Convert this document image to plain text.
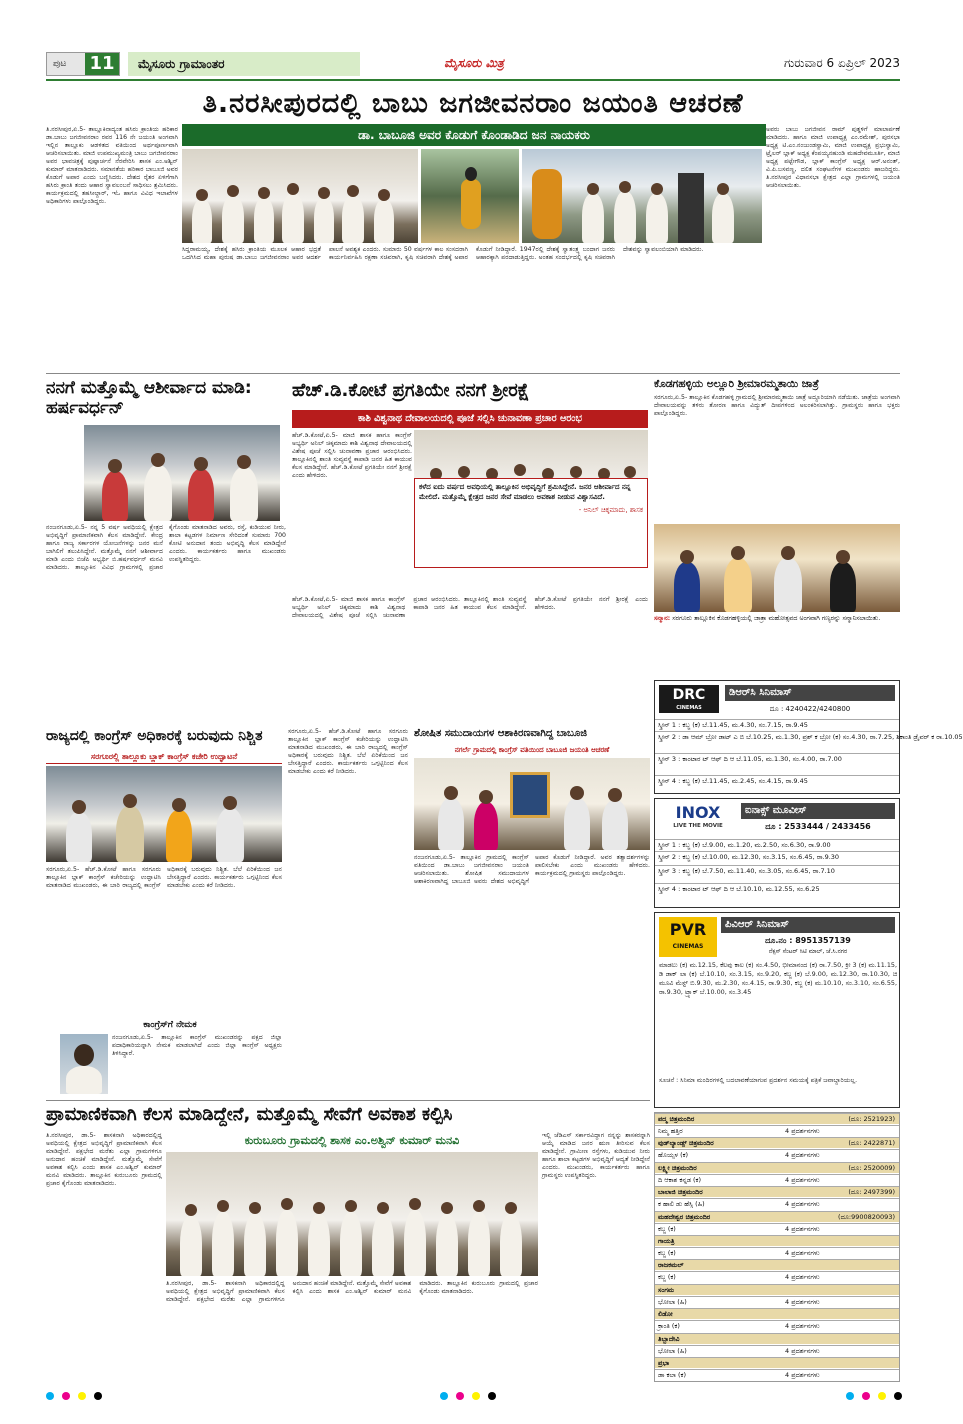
ಪುಟ 11	ಮೈಸೂರು ಗ್ರಾಮಾಂತರ	ಮೈಸೂರು ಮಿತ್ರ	ಗುರುವಾರ 6 ಏಪ್ರಿಲ್ 2023
ತಿ.ನರಸೀಪುರದಲ್ಲಿ ಬಾಬು ಜಗಜೀವನರಾಂ ಜಯಂತಿ ಆಚರಣೆ
ಡಾ. ಬಾಬೂಜಿ ಅವರ ಕೊಡುಗೆ ಕೊಂಡಾಡಿದ ಜನ ನಾಯಕರು
ತಿ.ನರಸೀಪುರ,ಏ.5- ತಾಲ್ಲೂಕಿನಾದ್ಯಂತ ಹಸಿರು ಕ್ರಾಂತಿಯ ಹರಿಕಾರ ಡಾ.ಬಾಬು ಜಗಜೀವನರಾಂ ರವರ 116 ನೇ ಜಯಂತಿ ಅಂಗವಾಗಿ ಇಲ್ಲಿನ ತಾಲ್ಲೂಕು ಆಡಳಿತದ ವತಿಯಿಂದ ಅರ್ಥಪೂರ್ಣವಾಗಿ ಆಚರಿಸಲಾಯಿತು. ಮಾಜಿ ಉಪಮುಖ್ಯಮಂತ್ರಿ ಬಾಬು ಜಗಜೀವನರಾಂ ಅವರ ಭಾವಚಿತ್ರಕ್ಕೆ ಪುಷ್ಪಾರ್ಚನೆ ನೆರವೇರಿಸಿ ಶಾಸಕ ಎಂ.ಅಶ್ವಿನ್ ಕುಮಾರ್ ಮಾತನಾಡಿದರು. ಸಮಾನತೆಯ ಹರಿಕಾರ ಬಾಬೂಜಿ ಅವರ ಕೊಡುಗೆ ಅಪಾರ ಎಂದು ಬಣ್ಣಿಸಿದರು. ದೇಶದ ರೈತರ ಏಳಿಗೆಗಾಗಿ ಹಸಿರು ಕ್ರಾಂತಿ ತಂದು ಆಹಾರ ಸ್ವಾವಲಂಬನೆ ಸಾಧಿಸಲು ಶ್ರಮಿಸಿದರು. ಕಾರ್ಯಕ್ರಮದಲ್ಲಿ ತಹಸೀಲ್ದಾರ್, ಇಓ ಹಾಗೂ ವಿವಿಧ ಇಲಾಖೆಗಳ ಅಧಿಕಾರಿಗಳು ಪಾಲ್ಗೊಂಡಿದ್ದರು.
ಸಿದ್ದರಾಮಯ್ಯ, ದೇಶಕ್ಕೆ ಹಸಿರು ಕ್ರಾಂತಿಯ ಮೂಲಕ ಆಹಾರ ಭದ್ರತೆ ಒದಗಿಸಿದ ಮಹಾ ಪುರುಷ ಡಾ.ಬಾಬು ಜಗಜೀವನರಾಂ ಅವರ ಆದರ್ಶ ಪಾಲನೆ ಅವಶ್ಯಕ ಎಂದರು. ಸುಮಾರು 50 ವರ್ಷಗಳ ಕಾಲ ಸಂಸದರಾಗಿ ಕಾರ್ಯನಿರ್ವಹಿಸಿ ರಕ್ಷಣಾ ಸಚಿವರಾಗಿ, ಕೃಷಿ ಸಚಿವರಾಗಿ ದೇಶಕ್ಕೆ ಅಪಾರ ಕೊಡುಗೆ ನೀಡಿದ್ದಾರೆ. 1947ರಲ್ಲಿ ದೇಶಕ್ಕೆ ಸ್ವಾತಂತ್ರ್ಯ ಬಂದಾಗ ಜನರು ಆಹಾರಕ್ಕಾಗಿ ಪರದಾಡುತ್ತಿದ್ದರು. ಅಂತಹ ಸಂದರ್ಭದಲ್ಲಿ ಕೃಷಿ ಸಚಿವರಾಗಿ ದೇಶವನ್ನು ಸ್ವಾವಲಂಬಿಯಾಗಿ ಮಾಡಿದರು.
ಅವರು ಬಾಬು ಜಗಜೀವನ ರಾಮ್ ಪುತ್ಥಳಿಗೆ ಮಾಲಾರ್ಪಣೆ ಮಾಡಿದರು. ಹಾಗೂ ಮಾಜಿ ಉಪಾಧ್ಯಕ್ಷ ಎಂ.ರಮೇಶ್, ಪುರಸಭಾ ಅಧ್ಯಕ್ಷ ಟಿ.ಎಂ.ನಂಜುಂಡಸ್ವಾಮಿ, ಮಾಜಿ ಉಪಾಧ್ಯಕ್ಷ ಪ್ರಭುಸ್ವಾಮಿ, ಟ್ರೈಲರ್ ಬ್ಲಾಕ್ ಅಧ್ಯಕ್ಷ ಕೆಂಪಯ್ಯನಹುಂಡಿ ಮಹದೇವಮೂರ್ತಿ, ಮಾಜಿ ಅಧ್ಯಕ್ಷ ಪಟ್ಟೇಗೌಡ, ಬ್ಲಾಕ್ ಕಾಂಗ್ರೆಸ್ ಅಧ್ಯಕ್ಷ ಆರ್.ಅನಂತ್, ವಿ.ಪಿ.ಬಸವಣ್ಣ, ದಲಿತ ಸಂಘಟನೆಗಳ ಮುಖಂಡರು ಹಾಜರಿದ್ದರು. ತಿ.ನರಸೀಪುರ ವಿಧಾನಸಭಾ ಕ್ಷೇತ್ರದ ಎಲ್ಲಾ ಗ್ರಾಮಗಳಲ್ಲಿ ಜಯಂತಿ ಆಚರಿಸಲಾಯಿತು.
ನನಗೆ ಮತ್ತೊಮ್ಮೆ ಆಶೀರ್ವಾದ ಮಾಡಿ: ಹರ್ಷವರ್ಧನ್
ನಂಜನಗೂಡು,ಏ.5- ನನ್ನ 5 ವರ್ಷ ಅವಧಿಯಲ್ಲಿ ಕ್ಷೇತ್ರದ ಅಭಿವೃದ್ಧಿಗೆ ಪ್ರಾಮಾಣಿಕವಾಗಿ ಕೆಲಸ ಮಾಡಿದ್ದೇನೆ. ಕೇಂದ್ರ ಹಾಗೂ ರಾಜ್ಯ ಸರ್ಕಾರಗಳ ಯೋಜನೆಗಳನ್ನು ಜನರ ಮನೆ ಬಾಗಿಲಿಗೆ ತಲುಪಿಸಿದ್ದೇನೆ. ಮತ್ತೊಮ್ಮೆ ನನಗೆ ಆಶೀರ್ವಾದ ಮಾಡಿ ಎಂದು ಬಿಜೆಪಿ ಅಭ್ಯರ್ಥಿ ಬಿ.ಹರ್ಷವರ್ಧನ್ ಮನವಿ ಮಾಡಿದರು. ತಾಲ್ಲೂಕಿನ ವಿವಿಧ ಗ್ರಾಮಗಳಲ್ಲಿ ಪ್ರಚಾರ ಕೈಗೊಂಡು ಮಾತನಾಡಿದ ಅವರು, ರಸ್ತೆ, ಕುಡಿಯುವ ನೀರು, ಶಾಲಾ ಕಟ್ಟಡಗಳ ನಿರ್ಮಾಣ ಸೇರಿದಂತೆ ಸುಮಾರು 700 ಕೋಟಿ ಅನುದಾನ ತಂದು ಅಭಿವೃದ್ಧಿ ಕೆಲಸ ಮಾಡಿದ್ದೇನೆ ಎಂದರು. ಕಾರ್ಯಕರ್ತರು ಹಾಗೂ ಮುಖಂಡರು ಉಪಸ್ಥಿತರಿದ್ದರು.
ಹೆಚ್.ಡಿ.ಕೋಟೆ ಪ್ರಗತಿಯೇ ನನಗೆ ಶ್ರೀರಕ್ಷೆ
ಕಾಶಿ ವಿಶ್ವನಾಥ ದೇವಾಲಯದಲ್ಲಿ ಪೂಜೆ ಸಲ್ಲಿಸಿ ಚುನಾವಣಾ ಪ್ರಚಾರ ಆರಂಭ
ಹೆಚ್.ಡಿ.ಕೋಟೆ,ಏ.5- ಮಾಜಿ ಶಾಸಕ ಹಾಗೂ ಕಾಂಗ್ರೆಸ್ ಅಭ್ಯರ್ಥಿ ಅನಿಲ್ ಚಿಕ್ಕಮಾದು ಕಾಶಿ ವಿಶ್ವನಾಥ ದೇವಾಲಯದಲ್ಲಿ ವಿಶೇಷ ಪೂಜೆ ಸಲ್ಲಿಸಿ ಚುನಾವಣಾ ಪ್ರಚಾರ ಆರಂಭಿಸಿದರು. ತಾಲ್ಲೂಕಿನಲ್ಲಿ ಶಾಂತಿ ಸುವ್ಯವಸ್ಥೆ ಕಾಪಾಡಿ ಜನರ ಹಿತ ಕಾಯುವ ಕೆಲಸ ಮಾಡಿದ್ದೇನೆ. ಹೆಚ್.ಡಿ.ಕೋಟೆ ಪ್ರಗತಿಯೇ ನನಗೆ ಶ್ರೀರಕ್ಷೆ ಎಂದು ಹೇಳಿದರು.
ಕಳೆದ ಐದು ವರ್ಷದ ಅವಧಿಯಲ್ಲಿ ತಾಲ್ಲೂಕಿನ ಅಭಿವೃದ್ಧಿಗೆ ಶ್ರಮಿಸಿದ್ದೇನೆ. ಜನರ ಆಶೀರ್ವಾದ ನನ್ನ ಮೇಲಿದೆ. ಮತ್ತೊಮ್ಮೆ ಕ್ಷೇತ್ರದ ಜನರ ಸೇವೆ ಮಾಡಲು ಅವಕಾಶ ನೀಡುವ ವಿಶ್ವಾಸವಿದೆ.
- ಅನಿಲ್ ಚಿಕ್ಕಮಾದು, ಶಾಸಕ
ಹೆಚ್.ಡಿ.ಕೋಟೆ,ಏ.5- ಮಾಜಿ ಶಾಸಕ ಹಾಗೂ ಕಾಂಗ್ರೆಸ್ ಅಭ್ಯರ್ಥಿ ಅನಿಲ್ ಚಿಕ್ಕಮಾದು ಕಾಶಿ ವಿಶ್ವನಾಥ ದೇವಾಲಯದಲ್ಲಿ ವಿಶೇಷ ಪೂಜೆ ಸಲ್ಲಿಸಿ ಚುನಾವಣಾ ಪ್ರಚಾರ ಆರಂಭಿಸಿದರು. ತಾಲ್ಲೂಕಿನಲ್ಲಿ ಶಾಂತಿ ಸುವ್ಯವಸ್ಥೆ ಕಾಪಾಡಿ ಜನರ ಹಿತ ಕಾಯುವ ಕೆಲಸ ಮಾಡಿದ್ದೇನೆ. ಹೆಚ್.ಡಿ.ಕೋಟೆ ಪ್ರಗತಿಯೇ ನನಗೆ ಶ್ರೀರಕ್ಷೆ ಎಂದು ಹೇಳಿದರು.
ಕೊಡಗಹಳ್ಳಿಯ ಅಲ್ಲೂರಿ ಶ್ರೀಮಾರಮ್ಮತಾಯಿ ಜಾತ್ರೆ
ಸರಗೂರು,ಏ.5- ತಾಲ್ಲೂಕಿನ ಕೊಡಗಹಳ್ಳಿ ಗ್ರಾಮದಲ್ಲಿ ಶ್ರೀಮಾರಮ್ಮತಾಯಿ ಜಾತ್ರೆ ಅದ್ದೂರಿಯಾಗಿ ನಡೆಯಿತು. ಜಾತ್ರೆಯ ಅಂಗವಾಗಿ ದೇವಾಲಯವನ್ನು ತಳಿರು ತೋರಣ ಹಾಗೂ ವಿದ್ಯುತ್ ದೀಪಗಳಿಂದ ಅಲಂಕರಿಸಲಾಗಿತ್ತು. ಗ್ರಾಮಸ್ಥರು ಹಾಗೂ ಭಕ್ತರು ಪಾಲ್ಗೊಂಡಿದ್ದರು.
ಸನ್ಮಾನ: ಸರಗೂರು ತಾಲ್ಲೂಕಿನ ಕೊಡಗಹಳ್ಳಿಯಲ್ಲಿ ಜಾತ್ರಾ ಮಹೋತ್ಸವದ ಅಂಗವಾಗಿ ಗಣ್ಯರನ್ನು ಸನ್ಮಾನಿಸಲಾಯಿತು.
DRC
CINEMAS
ಡಿಆರ್‌ಸಿ ಸಿನಿಮಾಸ್
ದೂ : 4240422/4240800
ಸ್ಕ್ರೀನ್ 1 : ಕಬ್ಜ (ಕ) ಬೆ.11.45, ಮ.4.30, ಸಂ.7.15, ರಾ.9.45
ಸ್ಕ್ರೀನ್ 2 : ಡಾ ಆಮ್ ಬ್ರೋ ಡಾಟ್ ಎ ಬಿ ಬೆ.10.25, ಮ.1.30, ಪ್ರಶ್ ಕ ಬ್ರೋ (ಕ) ಸಂ.4.30, ರಾ.7.25, ಶಿಕಾಂತಿ ಡ್ರೈವರ್ ಕ ರಾ.10.05
ಸ್ಕ್ರೀನ್ 3 : ಕಾಂಟಾರ ಟ್ ಆಫ್ ದಿ ಆ ಬೆ.11.05, ಮ.1.30, ಸಂ.4.00, ರಾ.7.00
ಸ್ಕ್ರೀನ್ 4 : ಕಬ್ಜ (ಕ) ಬೆ.11.45, ಮ.2.45, ಸಂ.4.15, ರಾ.9.45
INOX
LIVE THE MOVIE
ಐನಾಕ್ಸ್ ಮೂವೀಸ್
ದೂ : 2533444 / 2433456
ಸ್ಕ್ರೀನ್ 1 : ಕಬ್ಜ (ಕ) ಬೆ.9.00, ಮ.1.20, ಮ.2.50, ಸಂ.6.30, ರಾ.9.00
ಸ್ಕ್ರೀನ್ 2 : ಕಬ್ಜ (ಕ) ಬೆ.10.00, ಮ.12.30, ಸಂ.3.15, ಸಂ.6.45, ರಾ.9.30
ಸ್ಕ್ರೀನ್ 3 : ಕಬ್ಜ (ಕ) ಬೆ.7.50, ಮ.11.40, ಸಂ.3.05, ಸಂ.6.45, ರಾ.7.10
ಸ್ಕ್ರೀನ್ 4 : ಕಾಂಟಾರ ಟ್ ಆಫ್ ದಿ ಆ ಬೆ.10.10, ಮ.12.55, ಸಂ.6.25
PVR
CINEMAS
ಪಿವಿಆರ್ ಸಿನಿಮಾಸ್
ದೂ.ನಂ : 8951357139
ನೆಕ್ಸಸ್ ಸೆಂಟರ್ ಸಿಟಿ ಮಾಲ್, ಜೆ.ಸಿ.ನಗರ
ಮಾಡಲು (ಕ) ಮ.12.15, ಕೆಲವು ಕಾಲ (ಕ) ಸಂ.4.50, ಭೀಮಾನಂದ (ಕ) ರಾ.7.50, ಕ್ರೀ 3 (ಕ) ಮ.11.15, ಡಿ ಡಾಕ್ ಲಾ (ಕ) ಬೆ.10.10, ಸಂ.3.15, ಸಂ.9.20, ಕಬ್ಜ (ಕ) ಬೆ.9.00, ಮ.12.30, ರಾ.10.30, ಚಿ ಮೂವಿ ಮೆಸ್ಟ್ ಬಿ.9.30, ಮ.2.30, ಸಂ.4.15, ರಾ.9.30, ಕಬ್ಜ (ಕ) ಮ.10.10, ಸಂ.3.10, ಸಂ.6.55, ರಾ.9.30, ಟ್ರ್ಯಾಕ್ ಬೆ.10.00, ಸಂ.3.45
ಸೂಚನೆ : ಸಿನಿಮಾ ಮಂದಿರಗಳಲ್ಲಿ ಬದಲಾವಣೆಯಾಗುವ ಪ್ರದರ್ಶನ ಸಮಯಕ್ಕೆ ಪತ್ರಿಕೆ ಜವಾಬ್ದಾರಿಯಲ್ಲ.
ಪದ್ಮ ಚಿತ್ರಮಂದಿರ	(ದೂ: 2521923)
ನಿಮ್ಮ ಹತ್ತಿರ	4 ಪ್ರದರ್ಶನಗಳು
ವುಡ್‌ಲ್ಯಾಂಡ್ಸ್ ಚಿತ್ರಮಂದಿರ	(ದೂ: 2422871)
ಹೊಯ್ಸಳ (ಕ)	4 ಪ್ರದರ್ಶನಗಳು
ಲಕ್ಷ್ಮೀ ಚಿತ್ರಮಂದಿರ	(ದೂ: 2520009)
ದಿ ಆಕಾಶ ಕನ್ನಡ (ಕ)	4 ಪ್ರದರ್ಶನಗಳು
ಬಾಲಾಜಿ ಚಿತ್ರಮಂದಿರ	(ದೂ: 2497399)
ಕ ಹಾಲಿ ಡು ಹೆಸ್ಸಿ (ಹಿ)	4 ಪ್ರದರ್ಶನಗಳು
ಮಹದೇಶ್ವರ ಚಿತ್ರಮಂದಿರ	(ದೂ:9900820093)
ಕಬ್ಜ (ಕ)	4 ಪ್ರದರ್ಶನಗಳು
ಗಾಯತ್ರಿ
ಕಬ್ಜ (ಕ)	4 ಪ್ರದರ್ಶನಗಳು
ರಾಜಕಮಲ್
ಕಬ್ಜ (ಕ)	4 ಪ್ರದರ್ಶನಗಳು
ಸಂಗಮ
ಭೋಲಾ (ಹಿ)	4 ಪ್ರದರ್ಶನಗಳು
ಲಿಡೋ
ಕ್ರಾಂತಿ (ಕ)	4 ಪ್ರದರ್ಶನಗಳು
ತಿಬ್ಬಾದೇವಿ
ಭೋಲಾ (ಹಿ)	4 ಪ್ರದರ್ಶನಗಳು
ಪ್ರಭಾ
ಡಾ ಕಲಾ (ಕ)	4 ಪ್ರದರ್ಶನಗಳು
ರಾಜ್ಯದಲ್ಲಿ ಕಾಂಗ್ರೆಸ್ ಅಧಿಕಾರಕ್ಕೆ ಬರುವುದು ನಿಶ್ಚಿತ
ಸರಗೂರಲ್ಲಿ ತಾಲ್ಲೂಕು ಬ್ಲಾಕ್ ಕಾಂಗ್ರೆಸ್ ಕಚೇರಿ ಉದ್ಘಾಟನೆ
ಸರಗೂರು,ಏ.5- ಹೆಚ್.ಡಿ.ಕೋಟೆ ಹಾಗೂ ಸರಗೂರು ತಾಲ್ಲೂಕಿನ ಬ್ಲಾಕ್ ಕಾಂಗ್ರೆಸ್ ಕಚೇರಿಯನ್ನು ಉದ್ಘಾಟಿಸಿ ಮಾತನಾಡಿದ ಮುಖಂಡರು, ಈ ಬಾರಿ ರಾಜ್ಯದಲ್ಲಿ ಕಾಂಗ್ರೆಸ್ ಅಧಿಕಾರಕ್ಕೆ ಬರುವುದು ನಿಶ್ಚಿತ. ಬೆಲೆ ಏರಿಕೆಯಿಂದ ಜನ ಬೇಸತ್ತಿದ್ದಾರೆ ಎಂದರು. ಕಾರ್ಯಕರ್ತರು ಒಗ್ಗಟ್ಟಿನಿಂದ ಕೆಲಸ ಮಾಡಬೇಕು ಎಂದು ಕರೆ ನೀಡಿದರು.
ಕಾಂಗ್ರೆಸ್‌ಗೆ ನೇಮಕ
ನಂಜನಗೂಡು,ಏ.5- ತಾಲ್ಲೂಕಿನ ಕಾಂಗ್ರೆಸ್ ಮುಖಂಡರನ್ನು ಪಕ್ಷದ ಜಿಲ್ಲಾ ಪದಾಧಿಕಾರಿಯನ್ನಾಗಿ ನೇಮಕ ಮಾಡಲಾಗಿದೆ ಎಂದು ಜಿಲ್ಲಾ ಕಾಂಗ್ರೆಸ್ ಅಧ್ಯಕ್ಷರು ತಿಳಿಸಿದ್ದಾರೆ.
ಸರಗೂರು,ಏ.5- ಹೆಚ್.ಡಿ.ಕೋಟೆ ಹಾಗೂ ಸರಗೂರು ತಾಲ್ಲೂಕಿನ ಬ್ಲಾಕ್ ಕಾಂಗ್ರೆಸ್ ಕಚೇರಿಯನ್ನು ಉದ್ಘಾಟಿಸಿ ಮಾತನಾಡಿದ ಮುಖಂಡರು, ಈ ಬಾರಿ ರಾಜ್ಯದಲ್ಲಿ ಕಾಂಗ್ರೆಸ್ ಅಧಿಕಾರಕ್ಕೆ ಬರುವುದು ನಿಶ್ಚಿತ. ಬೆಲೆ ಏರಿಕೆಯಿಂದ ಜನ ಬೇಸತ್ತಿದ್ದಾರೆ ಎಂದರು. ಕಾರ್ಯಕರ್ತರು ಒಗ್ಗಟ್ಟಿನಿಂದ ಕೆಲಸ ಮಾಡಬೇಕು ಎಂದು ಕರೆ ನೀಡಿದರು.
ಶೋಷಿತ ಸಮುದಾಯಗಳ ಆಶಾಕಿರಣವಾಗಿದ್ದ ಬಾಬೂಜಿ
ನಗರ್ಲೆ ಗ್ರಾಮದಲ್ಲಿ ಕಾಂಗ್ರೆಸ್ ವತಿಯಿಂದ ಬಾಬೂಜಿ ಜಯಂತಿ ಆಚರಣೆ
ನಂಜನಗೂಡು,ಏ.5- ತಾಲ್ಲೂಕಿನ ಗ್ರಾಮದಲ್ಲಿ ಕಾಂಗ್ರೆಸ್ ವತಿಯಿಂದ ಡಾ.ಬಾಬು ಜಗಜೀವನರಾಂ ಜಯಂತಿ ಆಚರಿಸಲಾಯಿತು. ಶೋಷಿತ ಸಮುದಾಯಗಳ ಆಶಾಕಿರಣವಾಗಿದ್ದ ಬಾಬೂಜಿ ಅವರು ದೇಶದ ಅಭಿವೃದ್ಧಿಗೆ ಅಪಾರ ಕೊಡುಗೆ ನೀಡಿದ್ದಾರೆ. ಅವರ ತತ್ವಾದರ್ಶಗಳನ್ನು ಪಾಲಿಸಬೇಕು ಎಂದು ಮುಖಂಡರು ಹೇಳಿದರು. ಕಾರ್ಯಕ್ರಮದಲ್ಲಿ ಗ್ರಾಮಸ್ಥರು ಪಾಲ್ಗೊಂಡಿದ್ದರು.
ಪ್ರಾಮಾಣಿಕವಾಗಿ ಕೆಲಸ ಮಾಡಿದ್ದೇನೆ, ಮತ್ತೊಮ್ಮೆ ಸೇವೆಗೆ ಅವಕಾಶ ಕಲ್ಪಿಸಿ
ಕುರುಬೂರು ಗ್ರಾಮದಲ್ಲಿ ಶಾಸಕ ಎಂ.ಅಶ್ವಿನ್ ಕುಮಾರ್ ಮನವಿ
ತಿ.ನರಸೀಪುರ, ಡಾ.5- ಶಾಸಕನಾಗಿ ಅಧಿಕಾರದಲ್ಲಿದ್ದ ಅವಧಿಯಲ್ಲಿ ಕ್ಷೇತ್ರದ ಅಭಿವೃದ್ಧಿಗೆ ಪ್ರಾಮಾಣಿಕವಾಗಿ ಕೆಲಸ ಮಾಡಿದ್ದೇನೆ. ಪಕ್ಷಭೇದ ಮರೆತು ಎಲ್ಲಾ ಗ್ರಾಮಗಳಿಗೂ ಅನುದಾನ ಹಂಚಿಕೆ ಮಾಡಿದ್ದೇನೆ. ಮತ್ತೊಮ್ಮೆ ಸೇವೆಗೆ ಅವಕಾಶ ಕಲ್ಪಿಸಿ ಎಂದು ಶಾಸಕ ಎಂ.ಅಶ್ವಿನ್ ಕುಮಾರ್ ಮನವಿ ಮಾಡಿದರು. ತಾಲ್ಲೂಕಿನ ಕುರುಬೂರು ಗ್ರಾಮದಲ್ಲಿ ಪ್ರಚಾರ ಕೈಗೊಂಡು ಮಾತನಾಡಿದರು.
ತಿ.ನರಸೀಪುರ, ಡಾ.5- ಶಾಸಕನಾಗಿ ಅಧಿಕಾರದಲ್ಲಿದ್ದ ಅವಧಿಯಲ್ಲಿ ಕ್ಷೇತ್ರದ ಅಭಿವೃದ್ಧಿಗೆ ಪ್ರಾಮಾಣಿಕವಾಗಿ ಕೆಲಸ ಮಾಡಿದ್ದೇನೆ. ಪಕ್ಷಭೇದ ಮರೆತು ಎಲ್ಲಾ ಗ್ರಾಮಗಳಿಗೂ ಅನುದಾನ ಹಂಚಿಕೆ ಮಾಡಿದ್ದೇನೆ. ಮತ್ತೊಮ್ಮೆ ಸೇವೆಗೆ ಅವಕಾಶ ಕಲ್ಪಿಸಿ ಎಂದು ಶಾಸಕ ಎಂ.ಅಶ್ವಿನ್ ಕುಮಾರ್ ಮನವಿ ಮಾಡಿದರು. ತಾಲ್ಲೂಕಿನ ಕುರುಬೂರು ಗ್ರಾಮದಲ್ಲಿ ಪ್ರಚಾರ ಕೈಗೊಂಡು ಮಾತನಾಡಿದರು.
ಇಲ್ಲಿ ಜೆಡಿಎಸ್ ಸರ್ಕಾರವಿದ್ದಾಗ ನನ್ನನ್ನು ಶಾಸಕರನ್ನಾಗಿ ಆಯ್ಕೆ ಮಾಡಿದ ಜನರ ಋಣ ತೀರಿಸುವ ಕೆಲಸ ಮಾಡಿದ್ದೇನೆ. ಗ್ರಾಮೀಣ ರಸ್ತೆಗಳು, ಕುಡಿಯುವ ನೀರು ಹಾಗೂ ಶಾಲಾ ಕಟ್ಟಡಗಳ ಅಭಿವೃದ್ಧಿಗೆ ಆದ್ಯತೆ ನೀಡಿದ್ದೇನೆ ಎಂದರು. ಮುಖಂಡರು, ಕಾರ್ಯಕರ್ತರು ಹಾಗೂ ಗ್ರಾಮಸ್ಥರು ಉಪಸ್ಥಿತರಿದ್ದರು.
